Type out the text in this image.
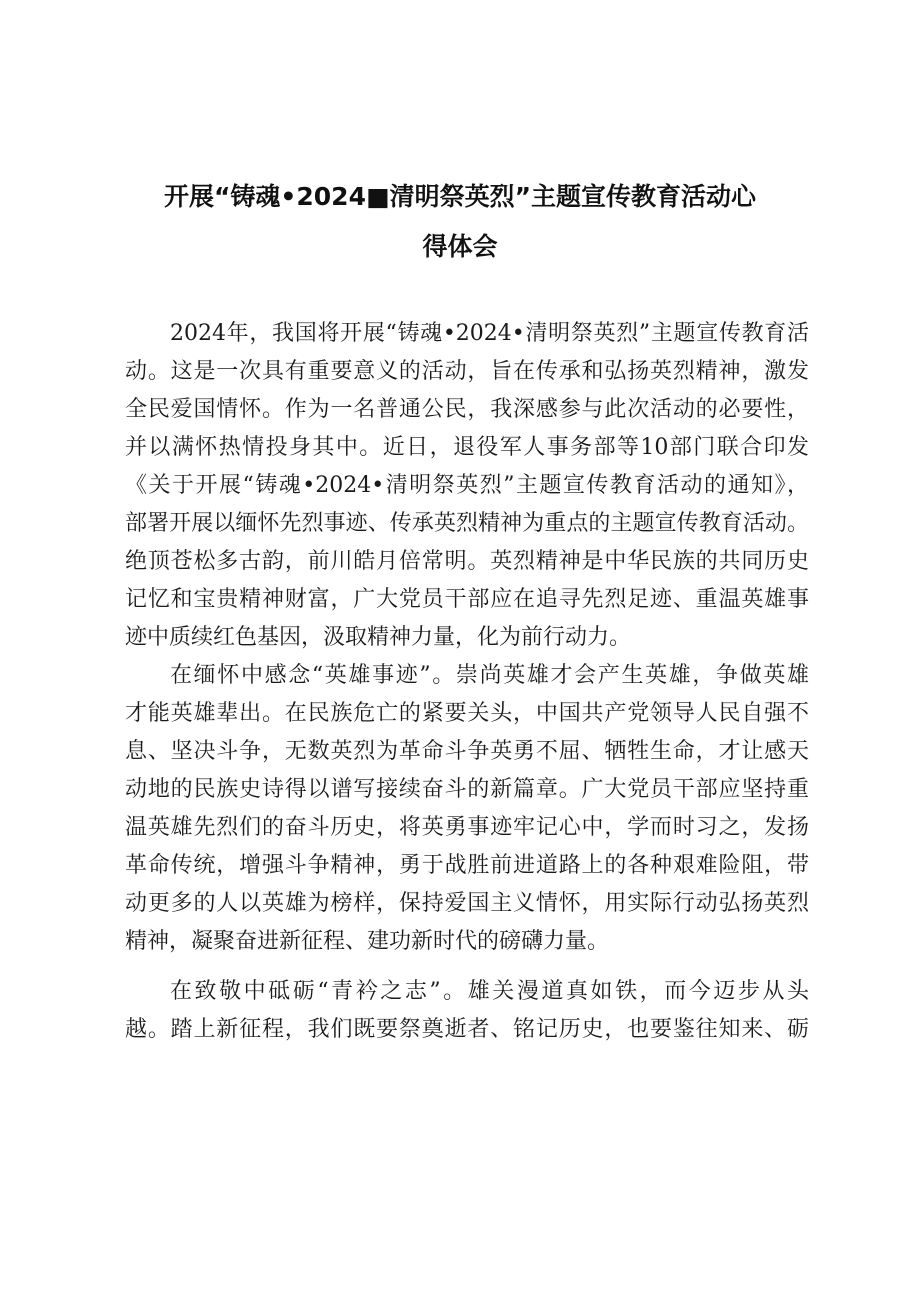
开展“铸魂•2024■清明祭英烈”主题宣传教育活动心
得体会
2024年，我国将开展“铸魂•2024•清明祭英烈”主题宣传教育活
动。这是一次具有重要意义的活动，旨在传承和弘扬英烈精神，激发
全民爱国情怀。作为一名普通公民，我深感参与此次活动的必要性，
并以满怀热情投身其中。近日，退役军人事务部等10部门联合印发
《关于开展“铸魂•2024•清明祭英烈”主题宣传教育活动的通知》，
部署开展以缅怀先烈事迹、传承英烈精神为重点的主题宣传教育活动。
绝顶苍松多古韵，前川皓月倍常明。英烈精神是中华民族的共同历史
记忆和宝贵精神财富，广大党员干部应在追寻先烈足迹、重温英雄事
迹中质续红色基因，汲取精神力量，化为前行动力。
在缅怀中感念“英雄事迹”。崇尚英雄才会产生英雄，争做英雄
才能英雄辈出。在民族危亡的紧要关头，中国共产党领导人民自强不
息、坚决斗争，无数英烈为革命斗争英勇不屈、牺牲生命，才让感天
动地的民族史诗得以谱写接续奋斗的新篇章。广大党员干部应坚持重
温英雄先烈们的奋斗历史，将英勇事迹牢记心中，学而时习之，发扬
革命传统，增强斗争精神，勇于战胜前进道路上的各种艰难险阻，带
动更多的人以英雄为榜样，保持爱国主义情怀，用实际行动弘扬英烈
精神，凝聚奋进新征程、建功新时代的磅礴力量。
在致敬中砥砺“青衿之志”。雄关漫道真如铁，而今迈步从头
越。踏上新征程，我们既要祭奠逝者、铭记历史，也要鉴往知来、砺
